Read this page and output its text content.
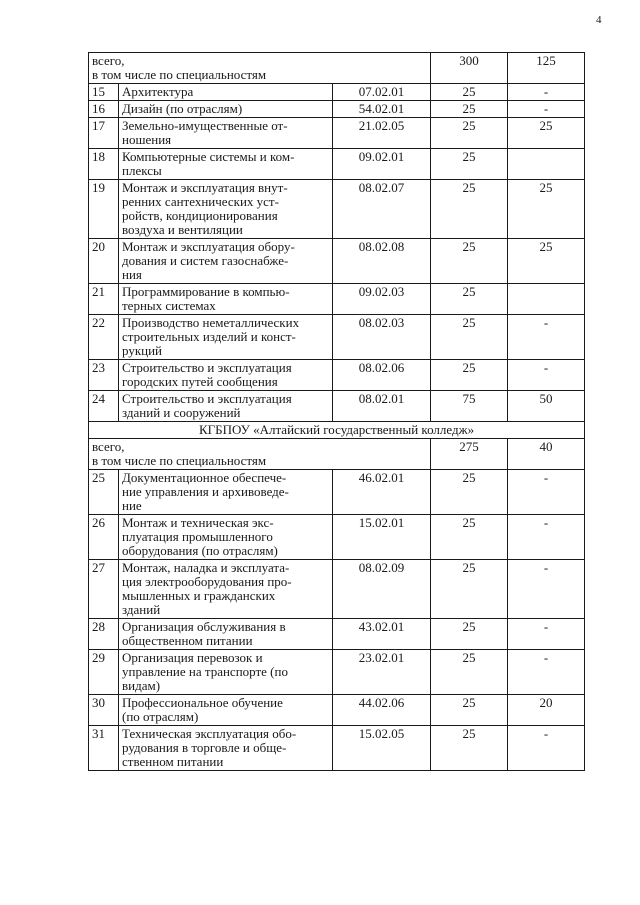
4
всего,
в том числе по специальностям			300	125
15	Архитектура	07.02.01	25	-
16	Дизайн (по отраслям)	54.02.01	25	-
17	Земельно-имущественные от-
ношения	21.02.05	25	25
18	Компьютерные системы и ком-
плексы	09.02.01	25	
19	Монтаж и эксплуатация внут-
ренних сантехнических уст-
ройств, кондиционирования
воздуха и вентиляции	08.02.07	25	25
20	Монтаж и эксплуатация обору-
дования и систем газоснабже-
ния	08.02.08	25	25
21	Программирование в компью-
терных системах	09.02.03	25	
22	Производство неметаллических
строительных изделий и конст-
рукций	08.02.03	25	-
23	Строительство и эксплуатация
городских путей сообщения	08.02.06	25	-
24	Строительство и эксплуатация
зданий и сооружений	08.02.01	75	50
КГБПОУ «Алтайский государственный колледж»				

всего,
в том числе по специальностям			275	40
25	Документационное обеспече-
ние управления и архивоведе-
ние	46.02.01	25	-
26	Монтаж и техническая экс-
плуатация промышленного
оборудования (по отраслям)	15.02.01	25	-
27	Монтаж, наладка и эксплуата-
ция электрооборудования про-
мышленных и гражданских
зданий	08.02.09	25	-
28	Организация обслуживания в
общественном питании	43.02.01	25	-
29	Организация перевозок и
управление на транспорте (по
видам)	23.02.01	25	-
30	Профессиональное обучение
(по отраслям)	44.02.06	25	20
31	Техническая эксплуатация обо-
рудования в торговле и обще-
ственном питании	15.02.05	25	-
